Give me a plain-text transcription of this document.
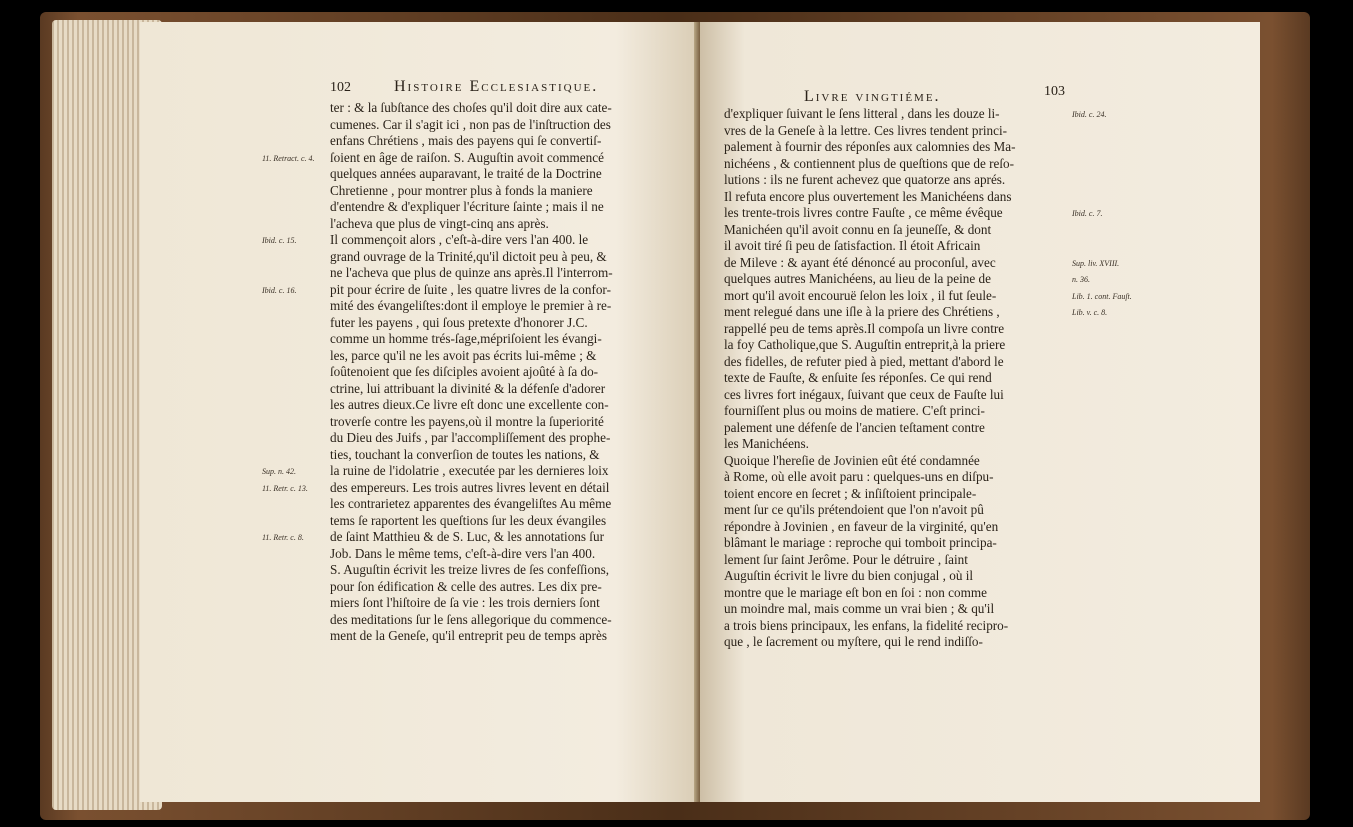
102	Histoire Ecclesiastique.

ter : & la ſubſtance des choſes qu'il doit dire aux cate-

cumenes. Car il s'agit ici , non pas de l'inſtruction des

enfans Chrétiens , mais des payens qui ſe convertiſ-

ſoient en âge de raiſon. S. Auguſtin avoit commencé

quelques années auparavant, le traité de la Doctrine

Chretienne , pour montrer plus à fonds la maniere

d'entendre & d'expliquer l'écriture ſainte ; mais il ne

l'acheva que plus de vingt-cinq ans après.

Il commençoit alors , c'eſt-à-dire vers l'an 400. le

grand ouvrage de la Trinité,qu'il dictoit peu à peu, &

ne l'acheva que plus de quinze ans après.Il l'interrom-

pit pour écrire de ſuite , les quatre livres de la confor-

mité des évangeliſtes:dont il employe le premier à re-

futer les payens , qui ſous pretexte d'honorer J.C.

comme un homme trés-ſage,mépriſoient les évangi-

les, parce qu'il ne les avoit pas écrits lui-même ; &

ſoûtenoient que ſes diſciples avoient ajoûté à ſa do-

ctrine, lui attribuant la divinité & la défenſe d'adorer

les autres dieux.Ce livre eſt donc une excellente con-

troverſe contre les payens,où il montre la ſuperiorité

du Dieu des Juifs , par l'accompliſſement des prophe-

ties, touchant la converſion de toutes les nations, &

la ruine de l'idolatrie , executée par les dernieres loix

des empereurs. Les trois autres livres levent en détail

les contrarietez apparentes des évangeliſtes Au même

tems ſe raportent les queſtions ſur les deux évangiles

de ſaint Matthieu & de S. Luc, & les annotations ſur

Job. Dans le même tems, c'eſt-à-dire vers l'an 400.

S. Auguſtin écrivit les treize livres de ſes confeſſions,

pour ſon édification & celle des autres. Les dix pre-

miers ſont l'hiſtoire de ſa vie : les trois derniers ſont

des meditations ſur le ſens allegorique du commence-

ment de la Geneſe, qu'il entreprit peu de temps après

11. Retract. c. 4.
Ibid. c. 15.
Ibid. c. 16.
Sup. n. 42.
11. Retr. c. 13.
11. Retr. c. 8.
Livre vingtiéme.	103

d'expliquer ſuivant le ſens litteral , dans les douze li-

vres de la Geneſe à la lettre. Ces livres tendent princi-

palement à fournir des réponſes aux calomnies des Ma-

nichéens , & contiennent plus de queſtions que de reſo-

lutions : ils ne furent achevez que quatorze ans aprés.

Il refuta encore plus ouvertement les Manichéens dans

les trente-trois livres contre Fauſte , ce même évêque

Manichéen qu'il avoit connu en ſa jeuneſſe, & dont

il avoit tiré ſi peu de ſatisfaction. Il étoit Africain

de Mileve : & ayant été dénoncé au proconſul, avec

quelques autres Manichéens, au lieu de la peine de

mort qu'il avoit encouruë ſelon les loix , il fut ſeule-

ment relegué dans une iſle à la priere des Chrétiens ,

rappellé peu de tems après.Il compoſa un livre contre

la foy Catholique,que S. Auguſtin entreprit,à la priere

des fidelles, de refuter pied à pied, mettant d'abord le

texte de Fauſte, & enſuite ſes réponſes. Ce qui rend

ces livres fort inégaux, ſuivant que ceux de Fauſte lui

fourniſſent plus ou moins de matiere. C'eſt princi-

palement une défenſe de l'ancien teſtament contre

les Manichéens.

Quoique l'hereſie de Jovinien eût été condamnée

à Rome, où elle avoit paru : quelques-uns en diſpu-

toient encore en ſecret ; & inſiſtoient principale-

ment ſur ce qu'ils prétendoient que l'on n'avoit pû

répondre à Jovinien , en faveur de la virginité, qu'en

blâmant le mariage : reproche qui tomboit principa-

lement ſur ſaint Jerôme. Pour le détruire , ſaint

Auguſtin écrivit le livre du bien conjugal , où il

montre que le mariage eſt bon en ſoi : non comme

un moindre mal, mais comme un vrai bien ; & qu'il

a trois biens principaux, les enfans, la fidelité recipro-

que , le ſacrement ou myſtere, qui le rend indiſſo-

Ibid. c. 24.
Ibid. c. 7.
Sup. liv. XVIII.
n. 36.
Lib. 1. cont. Fauſt.
Lib. v. c. 8.
